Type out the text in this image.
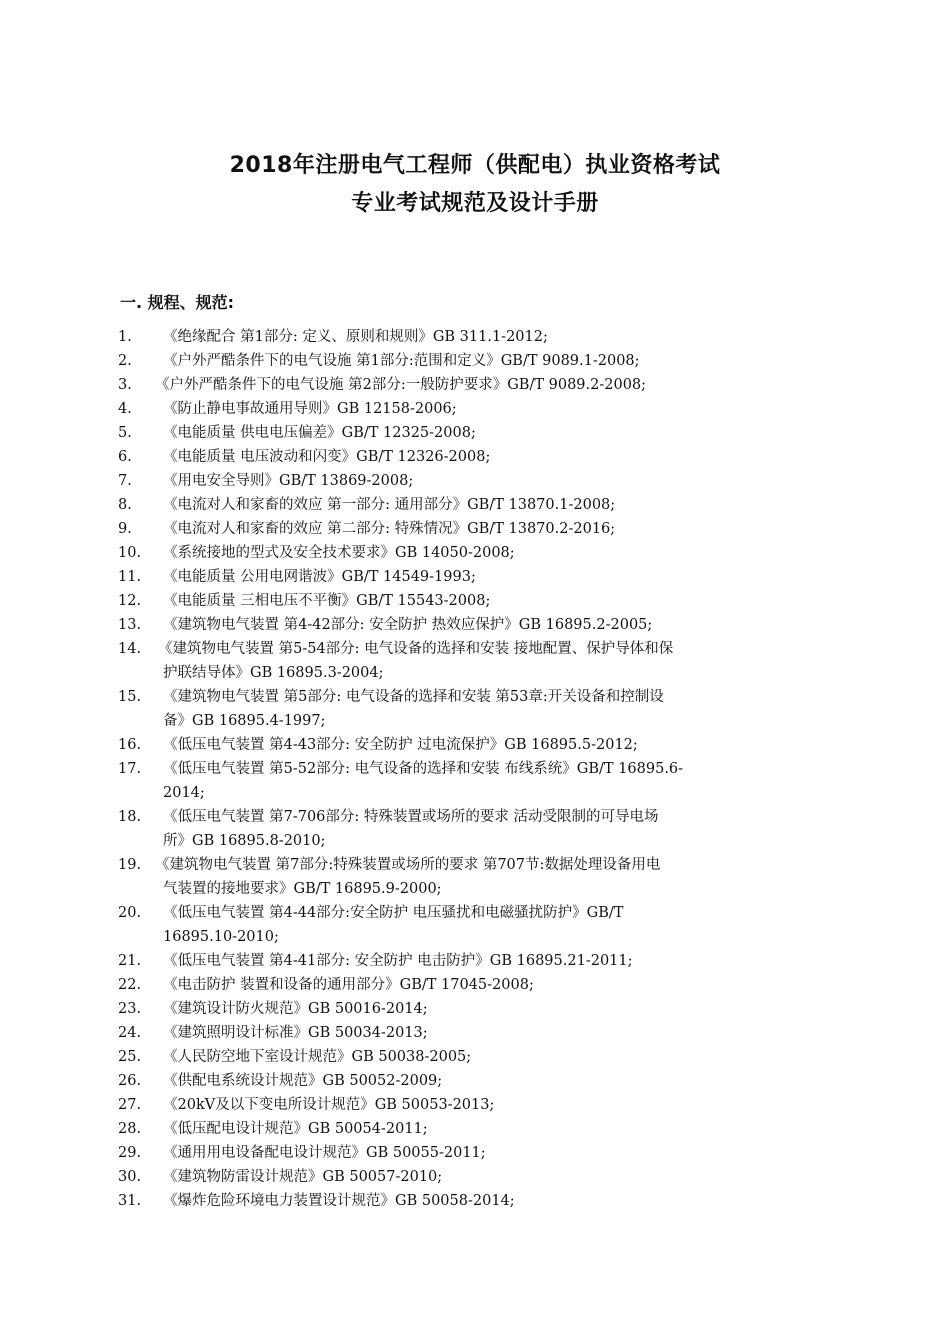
2018年注册电气工程师（供配电）执业资格考试
专业考试规范及设计手册
一. 规程、规范:
1. 《绝缘配合 第1部分: 定义、原则和规则》GB 311.1-2012;
2. 《户外严酷条件下的电气设施 第1部分:范围和定义》GB/T 9089.1-2008;
3. 《户外严酷条件下的电气设施 第2部分:一般防护要求》GB/T 9089.2-2008;
4. 《防止静电事故通用导则》GB 12158-2006;
5. 《电能质量 供电电压偏差》GB/T 12325-2008;
6. 《电能质量 电压波动和闪变》GB/T 12326-2008;
7. 《用电安全导则》GB/T 13869-2008;
8. 《电流对人和家畜的效应 第一部分: 通用部分》GB/T 13870.1-2008;
9. 《电流对人和家畜的效应 第二部分: 特殊情况》GB/T 13870.2-2016;
10. 《系统接地的型式及安全技术要求》GB 14050-2008;
11. 《电能质量 公用电网谐波》GB/T 14549-1993;
12. 《电能质量 三相电压不平衡》GB/T 15543-2008;
13. 《建筑物电气装置 第4-42部分: 安全防护 热效应保护》GB 16895.2-2005;
14. 《建筑物电气装置 第5-54部分: 电气设备的选择和安装 接地配置、保护导体和保
护联结导体》GB 16895.3-2004;
15. 《建筑物电气装置 第5部分: 电气设备的选择和安装 第53章:开关设备和控制设
备》GB 16895.4-1997;
16. 《低压电气装置 第4-43部分: 安全防护 过电流保护》GB 16895.5-2012;
17. 《低压电气装置 第5-52部分: 电气设备的选择和安装 布线系统》GB/T 16895.6-
2014;
18. 《低压电气装置 第7-706部分: 特殊装置或场所的要求 活动受限制的可导电场
所》GB 16895.8-2010;
19. 《建筑物电气装置 第7部分:特殊装置或场所的要求 第707节:数据处理设备用电
气装置的接地要求》GB/T 16895.9-2000;
20. 《低压电气装置 第4-44部分:安全防护 电压骚扰和电磁骚扰防护》GB/T
16895.10-2010;
21. 《低压电气装置 第4-41部分: 安全防护 电击防护》GB 16895.21-2011;
22. 《电击防护 装置和设备的通用部分》GB/T 17045-2008;
23. 《建筑设计防火规范》GB 50016-2014;
24. 《建筑照明设计标准》GB 50034-2013;
25. 《人民防空地下室设计规范》GB 50038-2005;
26. 《供配电系统设计规范》GB 50052-2009;
27. 《20kV及以下变电所设计规范》GB 50053-2013;
28. 《低压配电设计规范》GB 50054-2011;
29. 《通用用电设备配电设计规范》GB 50055-2011;
30. 《建筑物防雷设计规范》GB 50057-2010;
31. 《爆炸危险环境电力装置设计规范》GB 50058-2014;
